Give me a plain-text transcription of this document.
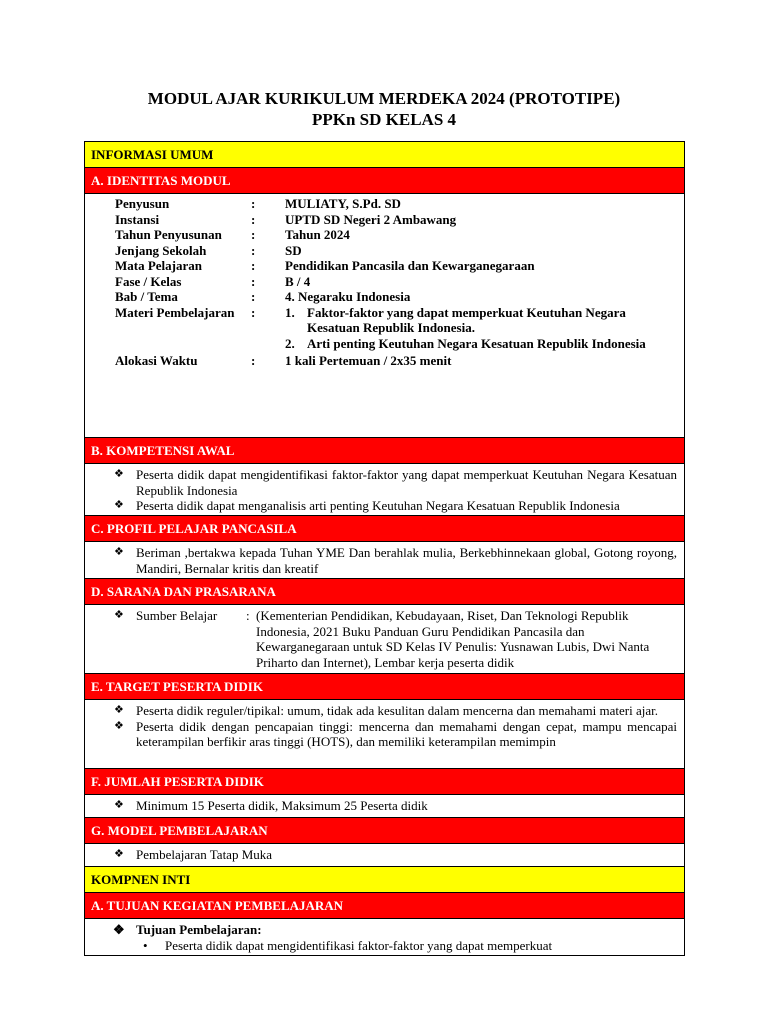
MODUL AJAR KURIKULUM MERDEKA 2024 (PROTOTIPE)
PPKn SD KELAS 4
INFORMASI UMUM
A. IDENTITAS MODUL
Penyusun	:	MULIATY, S.Pd. SD
Instansi	:	UPTD SD Negeri 2 Ambawang
Tahun Penyusunan	:	Tahun 2024
Jenjang Sekolah	:	SD
Mata Pelajaran	:	Pendidikan Pancasila dan Kewarganegaraan
Fase / Kelas	:	B / 4
Bab / Tema	:	4. Negaraku Indonesia
Materi Pembelajaran	:	1. Faktor-faktor yang dapat memperkuat Keutuhan Negara Kesatuan Republik Indonesia.
2. Arti penting Keutuhan Negara Kesatuan Republik Indonesia
Alokasi Waktu	:	1 kali Pertemuan / 2x35 menit
B. KOMPETENSI AWAL
❖ Peserta didik dapat mengidentifikasi faktor-faktor yang dapat memperkuat Keutuhan Negara Kesatuan Republik Indonesia
❖ Peserta didik dapat menganalisis arti penting Keutuhan Negara Kesatuan Republik Indonesia
C. PROFIL PELAJAR PANCASILA
❖ Beriman ,bertakwa kepada Tuhan YME Dan berahlak mulia, Berkebhinnekaan global, Gotong royong, Mandiri, Bernalar kritis dan kreatif
D. SARANA DAN PRASARANA
❖ Sumber Belajar	: (Kementerian Pendidikan, Kebudayaan, Riset, Dan Teknologi Republik Indonesia, 2021 Buku Panduan Guru Pendidikan Pancasila dan Kewarganegaraan untuk SD Kelas IV Penulis: Yusnawan Lubis, Dwi Nanta Priharto dan Internet), Lembar kerja peserta didik
E. TARGET PESERTA DIDIK
❖ Peserta didik reguler/tipikal: umum, tidak ada kesulitan dalam mencerna dan memahami materi ajar.
❖ Peserta didik dengan pencapaian tinggi: mencerna dan memahami dengan cepat, mampu mencapai keterampilan berfikir aras tinggi (HOTS), dan memiliki keterampilan memimpin
F. JUMLAH PESERTA DIDIK
❖ Minimum 15 Peserta didik, Maksimum 25 Peserta didik
G. MODEL PEMBELAJARAN
❖ Pembelajaran Tatap Muka
KOMPNEN INTI
A. TUJUAN KEGIATAN PEMBELAJARAN
❖ Tujuan Pembelajaran:
• Peserta didik dapat mengidentifikasi faktor-faktor yang dapat memperkuat
